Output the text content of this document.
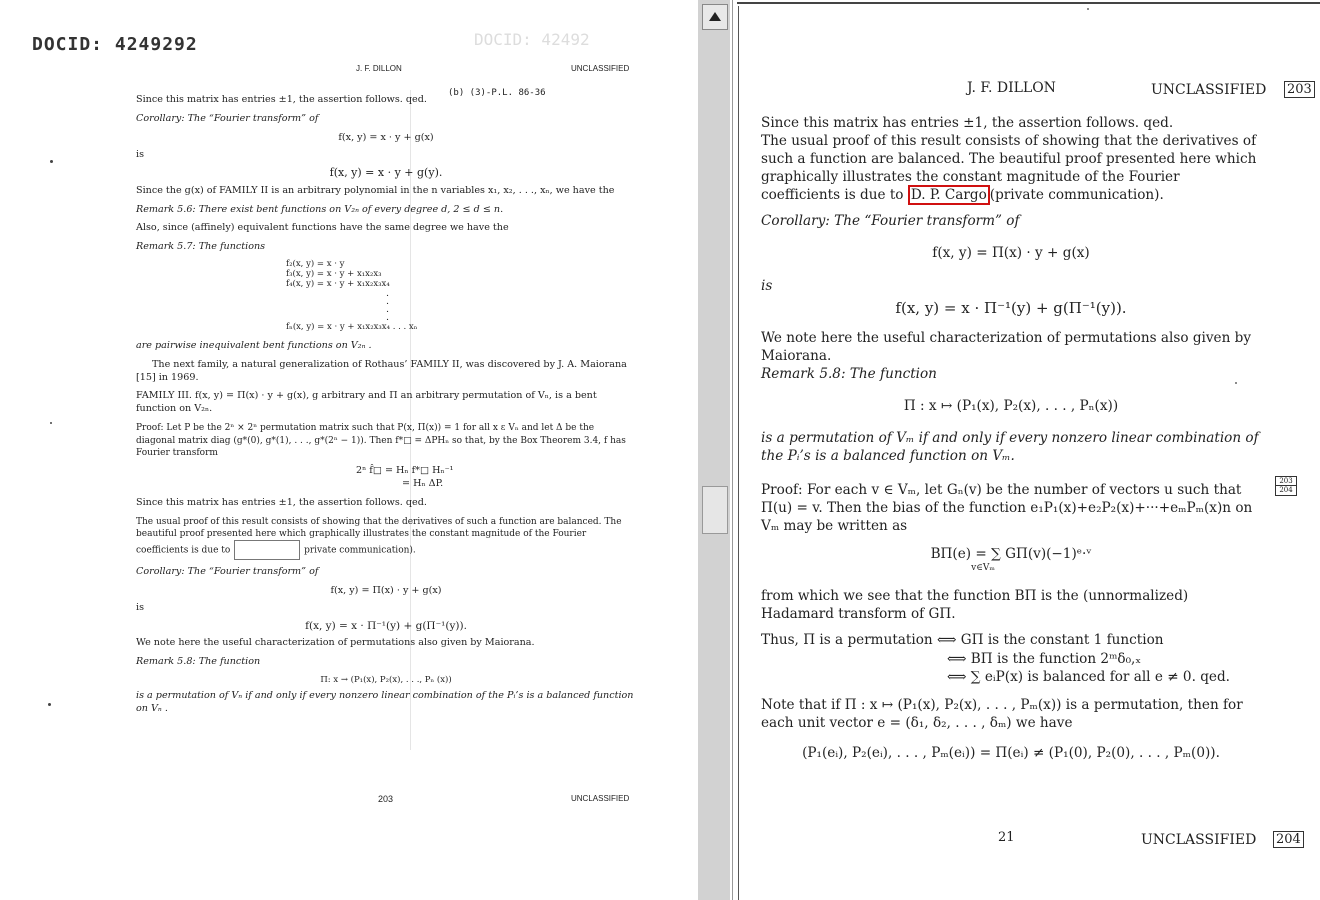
DOCID: 4249292	DOCID: 42492
J. F. DILLON	UNCLASSIFIED
(b) (3)-P.L. 86-36
Since this matrix has entries ±1, the assertion follows. qed.
Corollary: The “Fourier transform” of
f(x, y) = x · y + g(x)
is
f(x, y) = x · y + g(y).
Since the g(x) of FAMILY II is an arbitrary polynomial in the n variables x₁, x₂, . . ., xₙ, we have the
Remark 5.6: There exist bent functions on V₂ₙ of every degree d, 2 ≤ d ≤ n.
Also, since (affinely) equivalent functions have the same degree we have the
Remark 5.7: The functions
f₂(x, y) = x · y
f₃(x, y) = x · y + x₁x₂x₃
f₄(x, y) = x · y + x₁x₂x₃x₄
.
.
.
.
fₙ(x, y) = x · y + x₁x₂x₃x₄ . . . xₙ
are pairwise inequivalent bent functions on V₂ₙ .
The next family, a natural generalization of Rothaus’ FAMILY II, was discovered by J. A. Maiorana [15] in 1969.
FAMILY III. f(x, y) = Π(x) · y + g(x), g arbitrary and Π an arbitrary permutation of Vₙ, is a bent function on V₂ₙ.
Proof: Let P be the 2ⁿ × 2ⁿ permutation matrix such that P(x, Π(x)) = 1 for all x ε Vₙ and let Δ be the diagonal matrix diag (g*(0), g*(1), . . ., g*(2ⁿ − 1)). Then f*□ = ΔPHₙ so that, by the Box Theorem 3.4, f has Fourier transform
2ⁿ f̂□ = Hₙ f*□ Hₙ⁻¹
= Hₙ ΔP.
Since this matrix has entries ±1, the assertion follows. qed.
The usual proof of this result consists of showing that the derivatives of such a function are balanced. The beautiful proof presented here which graphically illustrates the constant magnitude of the Fourier coefficients is due to	private communication).
Corollary: The “Fourier transform” of
f(x, y) = Π(x) · y + g(x)
is
f(x, y) = x · Π⁻¹(y) + g(Π⁻¹(y)).
We note here the useful characterization of permutations also given by Maiorana.
Remark 5.8: The function
Π: x → (P₁(x), P₂(x), . . ., Pₙ (x))
is a permutation of Vₙ if and only if every nonzero linear combination of the Pᵢ’s is a balanced function on Vₙ .
203	UNCLASSIFIED
J. F. DILLON	UNCLASSIFIED 203
Since this matrix has entries ±1, the assertion follows. qed.
The usual proof of this result consists of showing that the derivatives of such a function are balanced. The beautiful proof presented here which graphically illustrates the constant magnitude of the Fourier coefficients is due to D. P. Cargo (private communication).
Corollary: The “Fourier transform” of
f(x, y) = Π(x) · y + g(x)
is
f(x, y) = x · Π⁻¹(y) + g(Π⁻¹(y)).
We note here the useful characterization of permutations also given by Maiorana.
Remark 5.8: The function
Π : x ↦ (P₁(x), P₂(x), . . . , Pₙ(x))
is a permutation of Vₘ if and only if every nonzero linear combination of the Pᵢ’s is a balanced function on Vₘ.
Proof: For each v ∈ Vₘ, let Gₙ(v) be the number of vectors u such that Π(u) = v. Then the bias of the function e₁P₁(x)+e₂P₂(x)+···+eₘPₘ(x)n on Vₘ may be written as
BΠ(e) = ∑ GΠ(v)(−1)ᵉ·ᵛ
v∈Vₘ
from which we see that the function BΠ is the (unnormalized) Hadamard transform of GΠ.
Thus, Π is a permutation ⟺ GΠ is the constant 1 function
⟺ BΠ is the function 2ᵐδ₀,ₓ
⟺ ∑ eᵢP(x) is balanced for all e ≠ 0. qed.
Note that if Π : x ↦ (P₁(x), P₂(x), . . . , Pₘ(x)) is a permutation, then for each unit vector e = (δ₁, δ₂, . . . , δₘ) we have
(P₁(eᵢ), P₂(eᵢ), . . . , Pₘ(eᵢ)) = Π(eᵢ) ≠ (P₁(0), P₂(0), . . . , Pₘ(0)).
203
204
21	UNCLASSIFIED 204
